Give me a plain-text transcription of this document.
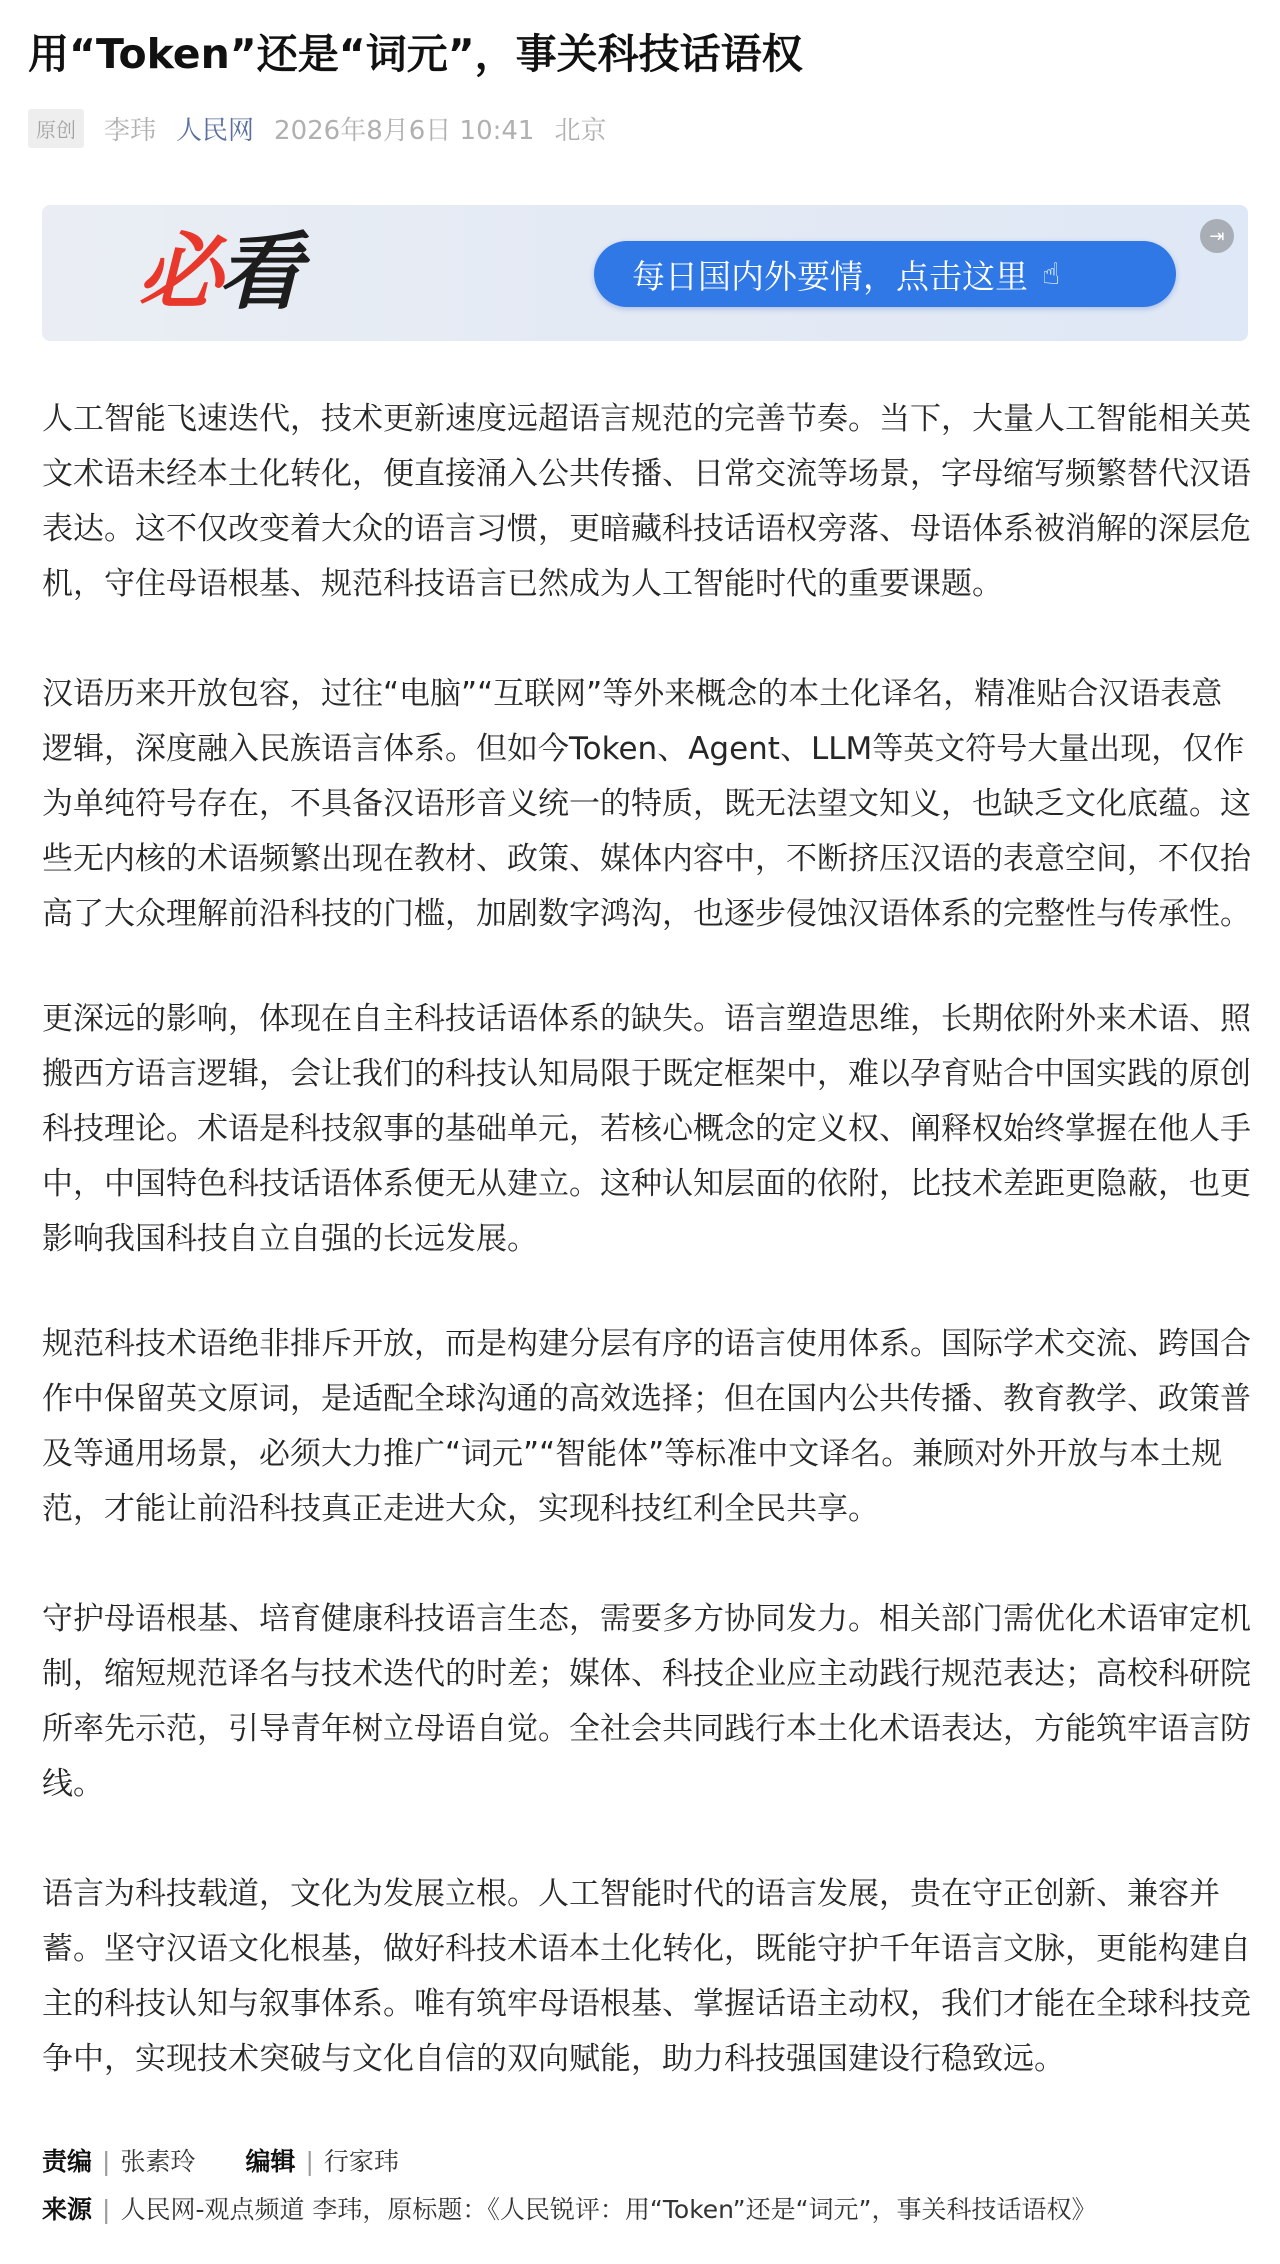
用“Token”还是“词元”，事关科技话语权
原创	李玮 人民网 2026年8月6日 10:41 北京
必看	每日国内外要情，点击这里 ☝
⇥

人工智能飞速迭代，技术更新速度远超语言规范的完善节奏。当下，大量人工智能相关英文术语未经本土化转化，便直接涌入公共传播、日常交流等场景，字母缩写频繁替代汉语表达。这不仅改变着大众的语言习惯，更暗藏科技话语权旁落、母语体系被消解的深层危机，守住母语根基、规范科技语言已然成为人工智能时代的重要课题。

汉语历来开放包容，过往“电脑”“互联网”等外来概念的本土化译名，精准贴合汉语表意逻辑，深度融入民族语言体系。但如今Token、Agent、LLM等英文符号大量出现，仅作为单纯符号存在，不具备汉语形音义统一的特质，既无法望文知义，也缺乏文化底蕴。这些无内核的术语频繁出现在教材、政策、媒体内容中，不断挤压汉语的表意空间，不仅抬高了大众理解前沿科技的门槛，加剧数字鸿沟，也逐步侵蚀汉语体系的完整性与传承性。

更深远的影响，体现在自主科技话语体系的缺失。语言塑造思维，长期依附外来术语、照搬西方语言逻辑，会让我们的科技认知局限于既定框架中，难以孕育贴合中国实践的原创科技理论。术语是科技叙事的基础单元，若核心概念的定义权、阐释权始终掌握在他人手中，中国特色科技话语体系便无从建立。这种认知层面的依附，比技术差距更隐蔽，也更影响我国科技自立自强的长远发展。

规范科技术语绝非排斥开放，而是构建分层有序的语言使用体系。国际学术交流、跨国合作中保留英文原词，是适配全球沟通的高效选择；但在国内公共传播、教育教学、政策普及等通用场景，必须大力推广“词元”“智能体”等标准中文译名。兼顾对外开放与本土规范，才能让前沿科技真正走进大众，实现科技红利全民共享。

守护母语根基、培育健康科技语言生态，需要多方协同发力。相关部门需优化术语审定机制，缩短规范译名与技术迭代的时差；媒体、科技企业应主动践行规范表达；高校科研院所率先示范，引导青年树立母语自觉。全社会共同践行本土化术语表达，方能筑牢语言防线。

语言为科技载道，文化为发展立根。人工智能时代的语言发展，贵在守正创新、兼容并蓄。坚守汉语文化根基，做好科技术语本土化转化，既能守护千年语言文脉，更能构建自主的科技认知与叙事体系。唯有筑牢母语根基、掌握话语主动权，我们才能在全球科技竞争中，实现技术突破与文化自信的双向赋能，助力科技强国建设行稳致远。

责编 | 张素玲 编辑 | 行家玮
来源 | 人民网-观点频道 李玮，原标题：《人民锐评：用“Token”还是“词元”，事关科技话语权》
